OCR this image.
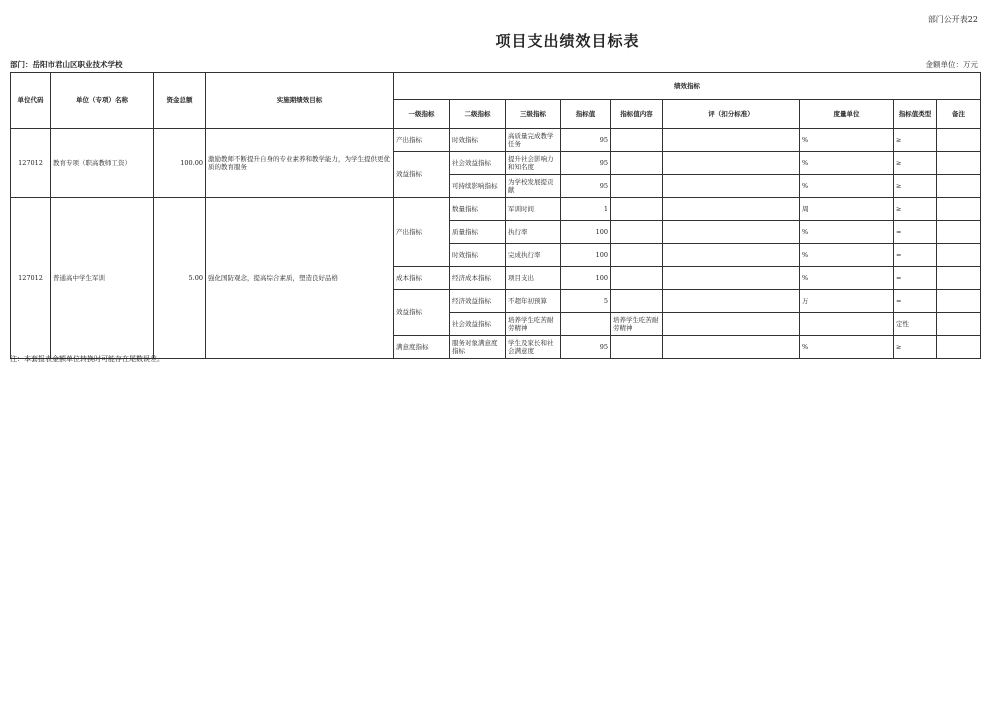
部门公开表22
项目支出绩效目标表
部门：岳阳市君山区职业技术学校	金额单位：万元
单位代码	单位（专项）名称	资金总额	实施期绩效目标	绩效指标								
				一级指标	二级指标	三级指标	指标值	指标值内容	评（扣分标准）	度量单位	指标值类型	备注
127012	教育专项（职高教师工资）	100.00	激励教师不断提升自身的专业素养和教学能力，为学生提供更优质的教育服务	产出指标	时效指标	高质量完成教学任务	95			%	≥	
				效益指标	社会效益指标	提升社会影响力和知名度	95			%	≥	
					可持续影响指标	为学校发展提贡献	95			%	≥	
127012	普通高中学生军训	5.00	强化国防观念，提高综合素质，塑造良好品格	产出指标	数量指标	军训时间	1			周	≥	
					质量指标	执行率	100			%	=	
					时效指标	完成执行率	100			%	=	
				成本指标	经济成本指标	项目支出	100			%	=	
				效益指标	经济效益指标	不超年初预算	5			万	=	
					社会效益指标	培养学生吃苦耐劳精神		培养学生吃苦耐劳精神			定性	
				满意度指标	服务对象满意度指标	学生及家长和社会满意度	95			%	≥	
注：本套报表金额单位转换时可能存在尾数误差。
